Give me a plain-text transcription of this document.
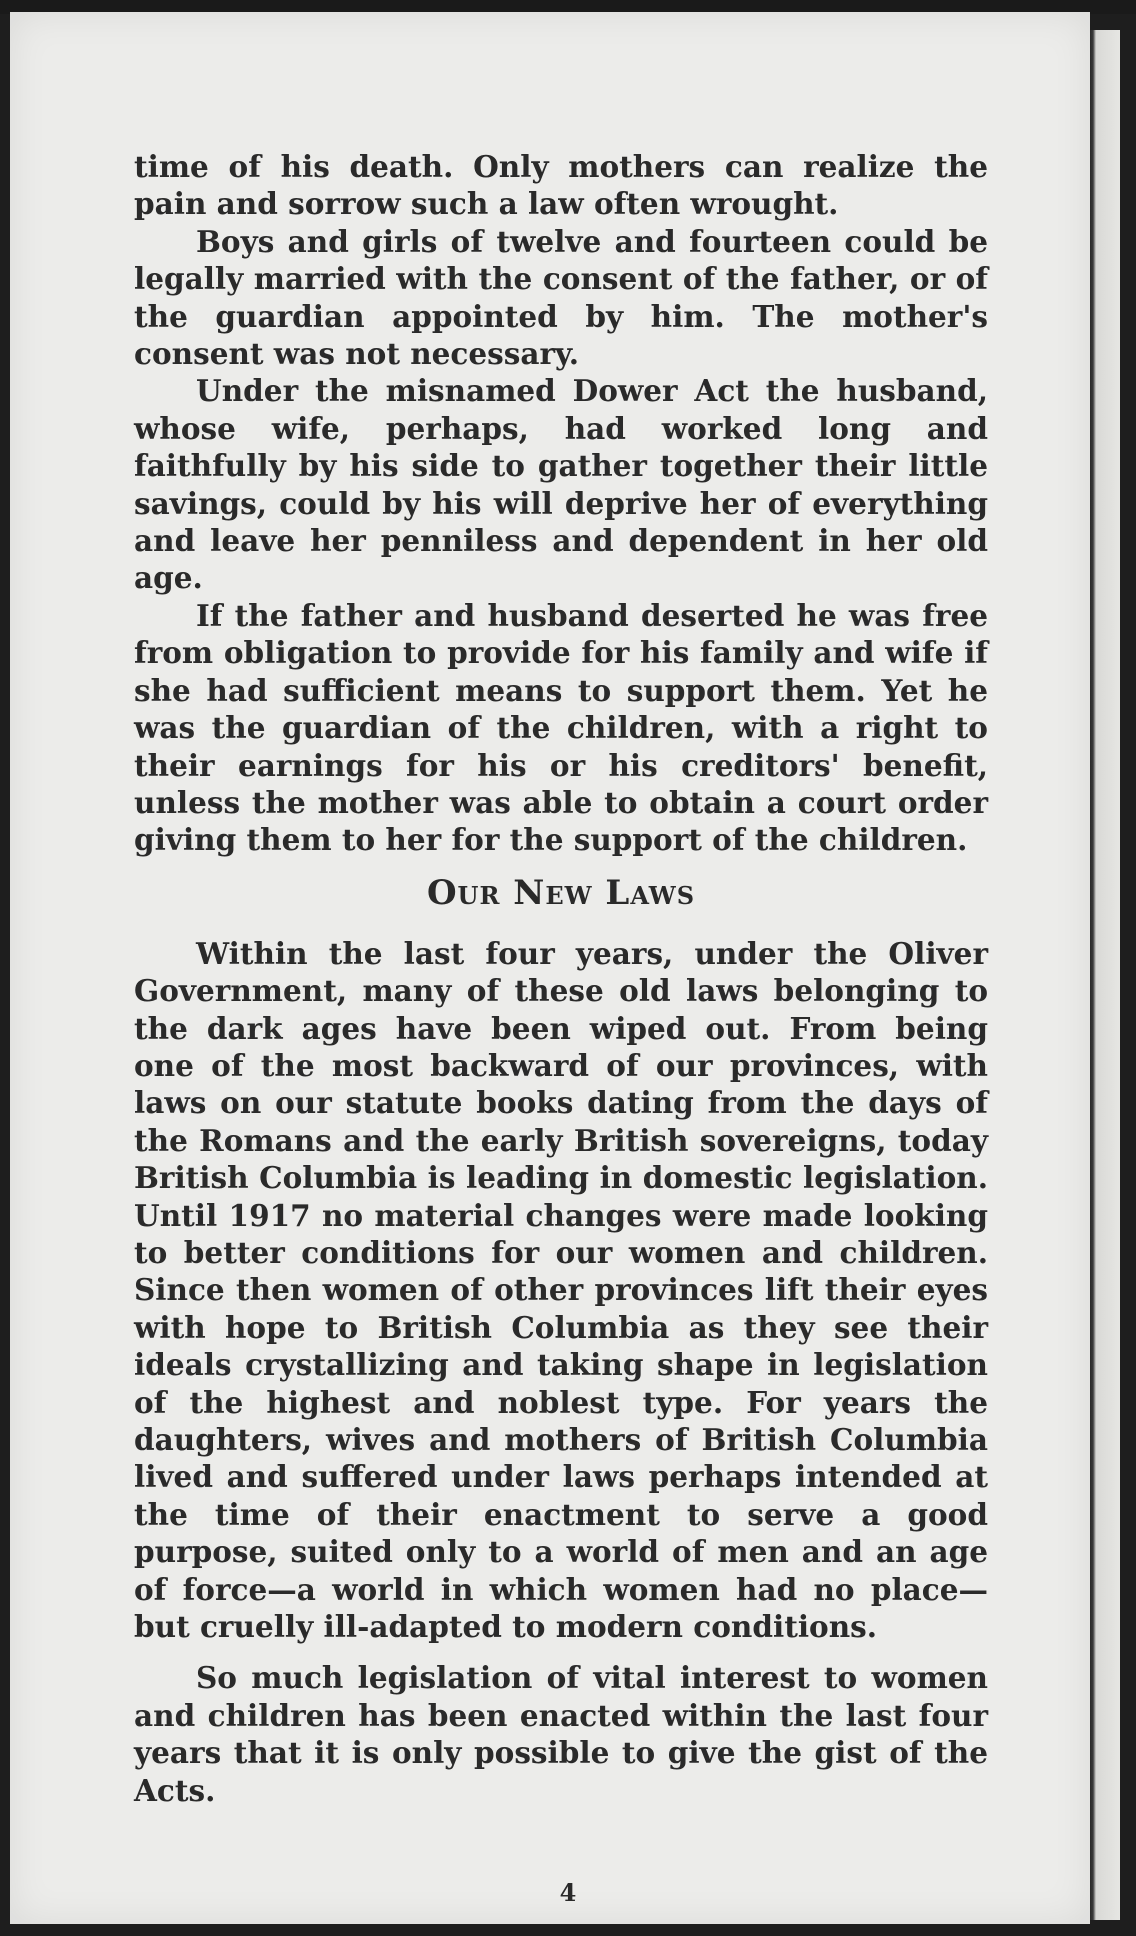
time of his death. Only mothers can realize the pain and sorrow such a law often wrought.

Boys and girls of twelve and fourteen could be legally married with the consent of the father, or of the guardian appointed by him. The mother's consent was not necessary.

Under the misnamed Dower Act the husband, whose wife, perhaps, had worked long and faithfully by his side to gather together their little savings, could by his will deprive her of everything and leave her penniless and dependent in her old age.

If the father and husband deserted he was free from obligation to provide for his family and wife if she had sufficient means to support them. Yet he was the guardian of the children, with a right to their earnings for his or his creditors' benefit, unless the mother was able to obtain a court order giving them to her for the support of the children.

Our New Laws

Within the last four years, under the Oliver Government, many of these old laws belonging to the dark ages have been wiped out. From being one of the most backward of our provinces, with laws on our statute books dating from the days of the Romans and the early British sovereigns, today British Columbia is leading in domestic legislation. Until 1917 no material changes were made looking to better conditions for our women and children. Since then women of other provinces lift their eyes with hope to British Columbia as they see their ideals crystallizing and taking shape in legislation of the highest and noblest type. For years the daughters, wives and mothers of British Columbia lived and suffered under laws perhaps intended at the time of their enactment to serve a good purpose, suited only to a world of men and an age of force—a world in which women had no place—but cruelly ill-adapted to modern conditions.

So much legislation of vital interest to women and children has been enacted within the last four years that it is only possible to give the gist of the Acts.

4
